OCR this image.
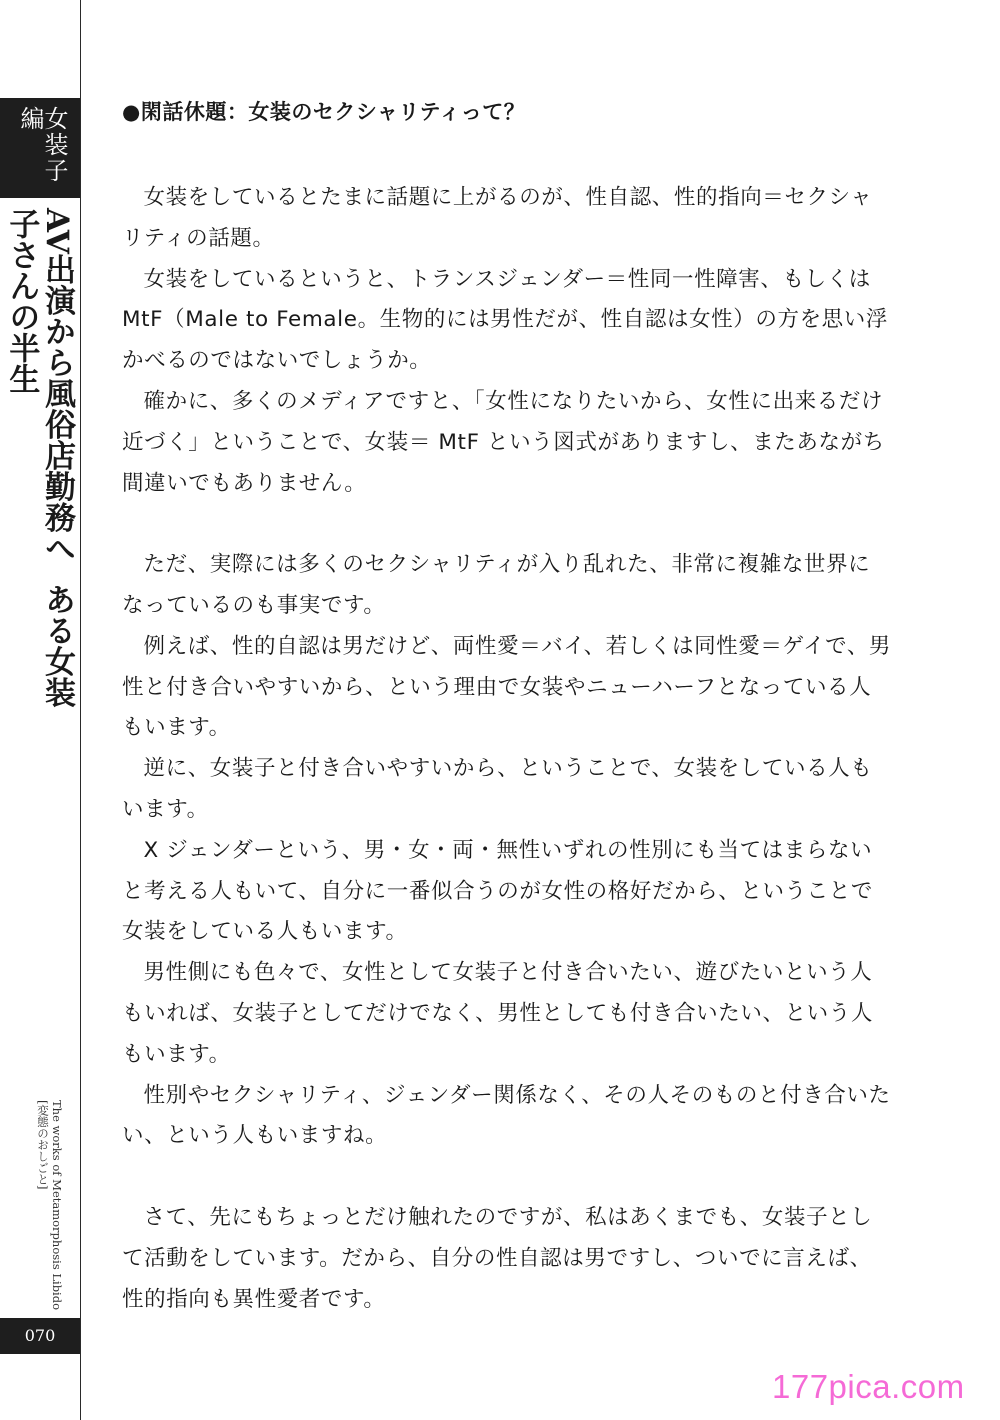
女装子編
AV出演から風俗店勤務へある女装子さんの半生
The works of Metamorphosis Libido
[変態のおしごと]
070
●閑話休題：女装のセクシャリティって？

女装をしているとたまに話題に上がるのが、性自認、性的指向＝セクシャリティの話題。

女装をしているというと、トランスジェンダー＝性同一性障害、もしくは MtF（Male to Female。生物的には男性だが、性自認は女性）の方を思い浮かべるのではないでしょうか。

確かに、多くのメディアですと、「女性になりたいから、女性に出来るだけ近づく」ということで、女装＝ MtF という図式がありますし、またあながち間違いでもありません。

ただ、実際には多くのセクシャリティが入り乱れた、非常に複雑な世界になっているのも事実です。

例えば、性的自認は男だけど、両性愛＝バイ、若しくは同性愛＝ゲイで、男性と付き合いやすいから、という理由で女装やニューハーフとなっている人もいます。

逆に、女装子と付き合いやすいから、ということで、女装をしている人もいます。

X ジェンダーという、男・女・両・無性いずれの性別にも当てはまらないと考える人もいて、自分に一番似合うのが女性の格好だから、ということで女装をしている人もいます。

男性側にも色々で、女性として女装子と付き合いたい、遊びたいという人もいれば、女装子としてだけでなく、男性としても付き合いたい、という人もいます。

性別やセクシャリティ、ジェンダー関係なく、その人そのものと付き合いたい、という人もいますね。

さて、先にもちょっとだけ触れたのですが、私はあくまでも、女装子として活動をしています。だから、自分の性自認は男ですし、ついでに言えば、性的指向も異性愛者です。

177pica.com
